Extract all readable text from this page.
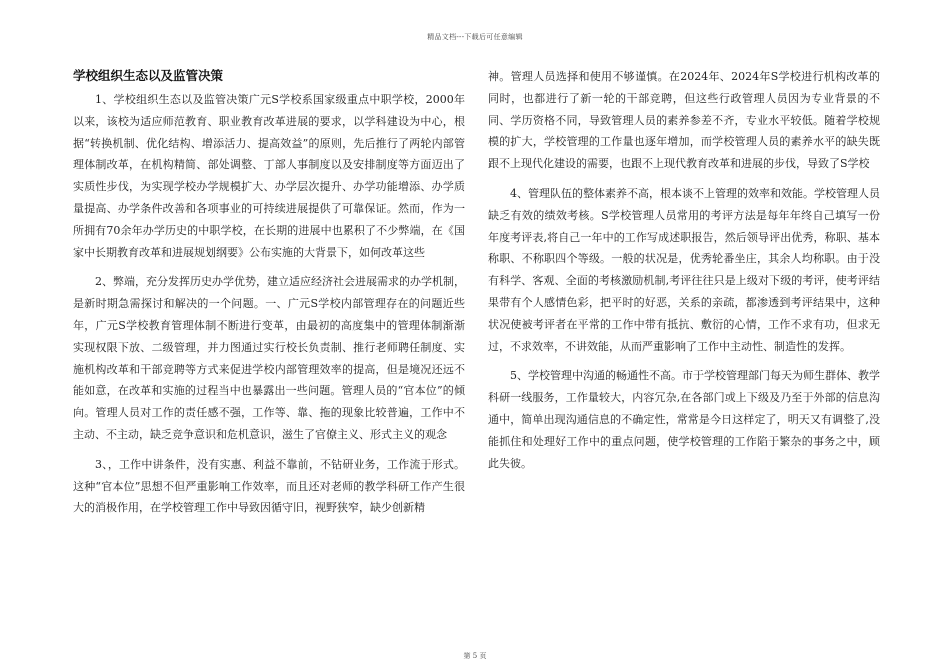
精品文档---下载后可任意编辑
学校组织生态以及监管决策

1、学校组织生态以及监管决策广元S学校系国家级重点中职学校，2000年以来，该校为适应师范教育、职业教育改革进展的要求，以学科建设为中心，根据“转换机制、优化结构、增添活力、提高效益”的原则，先后推行了两轮内部管理体制改革，在机构精简、部处调整、丁部人事制度以及安排制度等方面迈出了实质性步伐，为实现学校办学规模扩大、办学层次提升、办学功能增添、办学质量提高、办学条件改善和各项事业的可持续进展提供了可靠保证。然而，作为一所拥有70余年办学历史的中职学校，在长期的进展中也累积了不少弊端，在《国家中长期教育改革和进展规划纲要》公布实施的大背景下，如何改革这些

2、弊端，充分发挥历史办学优势，建立适应经济社会进展需求的办学机制，是新时期急需探讨和解决的一个问题。一、广元S学校内部管理存在的问题近些年，广元S学校教育管理体制不断进行变革，由最初的高度集中的管理体制渐渐实现权限下放、二级管理，并力图通过实行校长负责制、推行老师聘任制度、实施机构改革和干部竞聘等方式来促进学校内部管理效率的提高，但是境况还远不能如意，在改革和实施的过程当中也暴露出一些问题。管理人员的“官本位”的倾向。管理人员对工作的责任感不强，工作等、靠、拖的现象比较普遍，工作中不主动、不主动，缺乏竞争意识和危机意识，滋生了官僚主义、形式主义的观念

3、，工作中讲条件，没有实惠、利益不靠前，不钻研业务，工作流于形式。这种“官本位”思想不但严重影响工作效率，而且还对老师的教学科研工作产生很大的消极作用，在学校管理工作中导致因循守旧，视野狭窄，缺少创新精

神。管理人员选择和使用不够谨慎。在2024年、2024年S学校进行机构改革的同时，也都进行了新一轮的干部竞聘，但这些行政管理人员因为专业背景的不同、学历资格不同，导致管理人员的素养参差不齐，专业水平较低。随着学校规模的扩大，学校管理的工作量也逐年增加，而学校管理人员的素养水平的缺失既跟不上现代化建设的需要，也跟不上现代教育改革和进展的步伐，导致了S学校

4、管理队伍的整体素养不高，根本谈不上管理的效率和效能。学校管理人员缺乏有效的绩效考核。S学校管理人员常用的考评方法是每年年终自己填写一份年度考评表,将自己一年中的工作写成述职报告，然后领导评出优秀，称职、基本称职、不称职四个等级。一般的状况是，优秀轮番坐庄，其余人均称职。由于没有科学、客观、全面的考核激励机制,考评往往只是上级对下级的考评，使考评结果带有个人感情色彩，把平时的好恶，关系的亲疏，都渗透到考评结果中，这种状况使被考评者在平常的工作中带有抵抗、敷衍的心情，工作不求有功，但求无过，不求效率，不讲效能，从而严重影响了工作中主动性、制造性的发挥。

5、学校管理中沟通的畅通性不高。市于学校管理部门每天为师生群体、教学科研一线服务，工作量较大，内容冗杂,在各部门或上下级及乃至于外部的信息沟通中，简单出现沟通信息的不确定性，常常是今日这样定了，明天又有调整了,没能抓住和处理好工作中的重点问题，使学校管理的工作陷于繁杂的事务之中，顾此失彼。

第 5 页
